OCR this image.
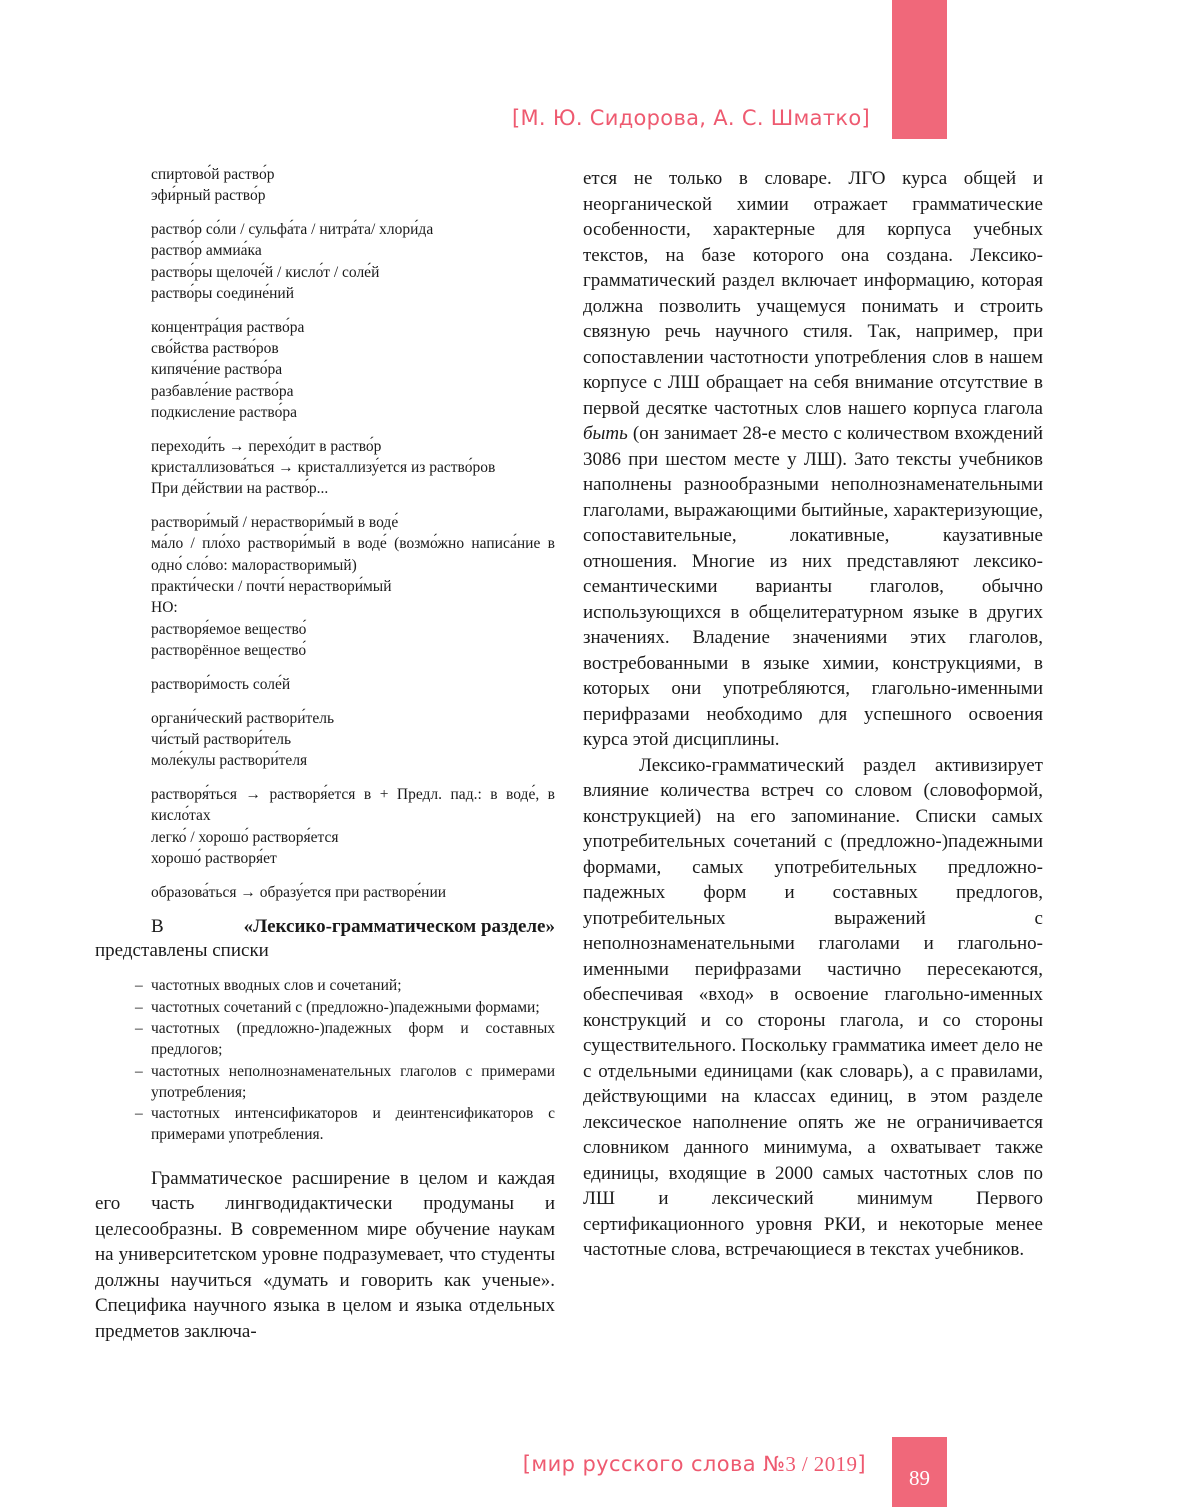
89
[М. Ю. Сидорова, А. С. Шматко]
[мир русского слова №3 / 2019]
спиртово́й раство́р
эфи́рный раство́р
раство́р со́ли / сульфа́та / нитра́та/ хлори́да
раство́р аммиа́ка
раство́ры щелоче́й / кисло́т / соле́й
раство́ры соедине́ний
концентра́ция раство́ра
сво́йства раство́ров
кипяче́ние раство́ра
разбавле́ние раство́ра
подкисление раство́ра
переходи́ть → перехо́дит в раство́р
кристаллизова́ться → кристаллизу́ется из раство́ров
При де́йствии на раство́р...
раствори́мый / нераствори́мый в воде́
ма́ло / пло́хо раствори́мый в воде́ (возмо́жно написа́ние в одно́ сло́во: малорастворимый)
практи́чески / почти́ нераствори́мый
НО:
растворя́емое вещество́
растворённое вещество́
раствори́мость соле́й
органи́ческий раствори́тель
чи́стый раствори́тель
моле́кулы раствори́теля
растворя́ться → растворя́ется в + Предл. пад.: в воде́, в кисло́тах
легко́ / хорошо́ растворя́ется
хорошо́ растворя́ет
образова́ться → образу́ется при растворе́нии
В	«Лексико-грамматическом разделе»
представлены списки
– частотных вводных слов и сочетаний;
– частотных сочетаний с (предложно-)падежными формами;
– частотных (предложно-)падежных форм и составных предлогов;
– частотных неполнознаменательных глаголов с примерами употребления;
– частотных интенсификаторов и деинтенсификаторов с примерами употребления.

Грамматическое расширение в целом и каждая его часть лингводидактически продуманы и целесообразны. В современном мире обучение наукам на университетском уровне подразумевает, что студенты должны научиться «думать и говорить как ученые». Специфика научного языка в целом и языка отдельных предметов заключа-

ется не только в словаре. ЛГО курса общей и неорганической химии отражает грамматические особенности, характерные для корпуса учебных текстов, на базе которого она создана. Лексико-грамматический раздел включает информацию, которая должна позволить учащемуся понимать и строить связную речь научного стиля. Так, например, при сопоставлении частотности употребления слов в нашем корпусе с ЛШ обращает на себя внимание отсутствие в первой десятке частотных слов нашего корпуса глагола быть (он занимает 28-е место с количеством вхождений 3086 при шестом месте у ЛШ). Зато тексты учебников наполнены разнообразными неполнознаменательными глаголами, выражающими бытийные, характеризующие, сопоставительные, локативные, каузативные отношения. Многие из них представляют лексико-семантическими варианты глаголов, обычно использующихся в общелитературном языке в других значениях. Владение значениями этих глаголов, востребованными в языке химии, конструкциями, в которых они употребляются, глагольно-именными перифразами необходимо для успешного освоения курса этой дисциплины.

Лексико-грамматический раздел активизирует влияние количества встреч со словом (словоформой, конструкцией) на его запоминание. Списки самых употребительных сочетаний с (предложно-)падежными формами, самых употребительных предложно-падежных форм и составных предлогов, употребительных выражений с неполнознаменательными глаголами и глагольно-именными перифразами частично пересекаются, обеспечивая «вход» в освоение глагольно-именных конструкций и со стороны глагола, и со стороны существительного. Поскольку грамматика имеет дело не с отдельными единицами (как словарь), а с правилами, действующими на классах единиц, в этом разделе лексическое наполнение опять же не ограничивается словником данного минимума, а охватывает также единицы, входящие в 2000 самых частотных слов по ЛШ и лексический минимум Первого сертификационного уровня РКИ, и некоторые менее частотные слова, встречающиеся в текстах учебников.
